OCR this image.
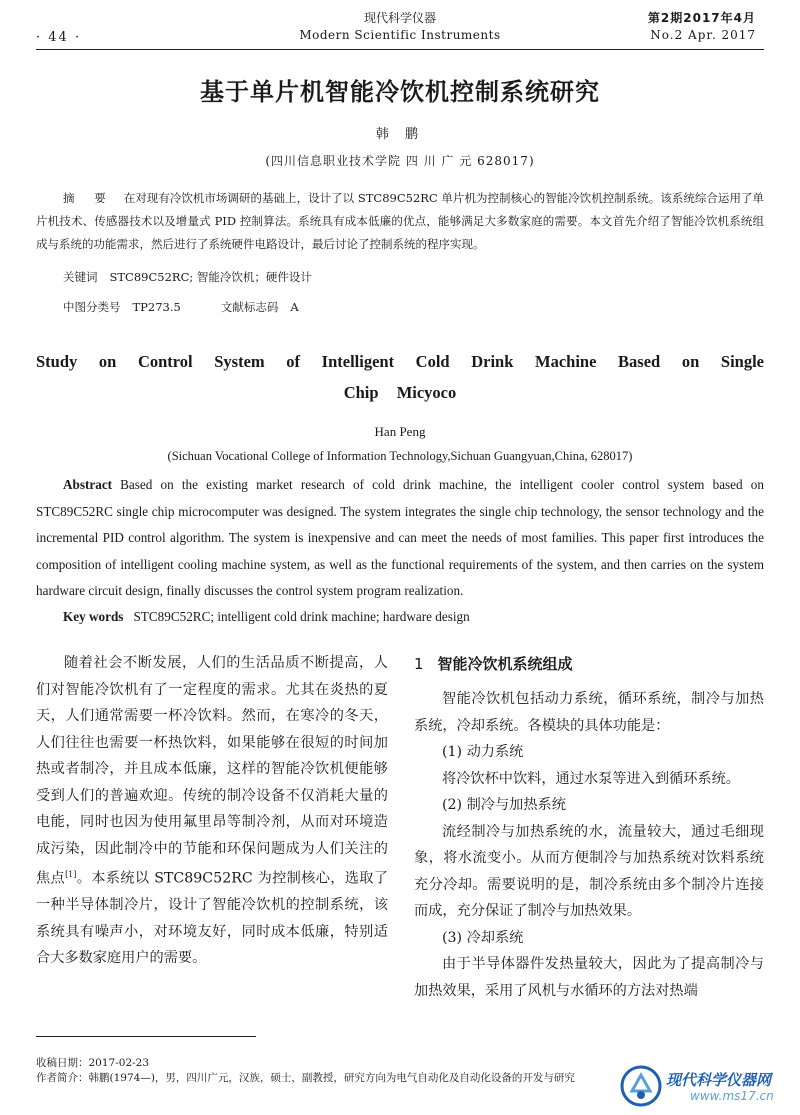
· 44 ·
现代科学仪器
Modern Scientific Instruments
第2期2017年4月
No.2 Apr. 2017
基于单片机智能冷饮机控制系统研究
韩 鹏
(四川信息职业技术学院 四 川 广 元 628017)
摘 要 在对现有冷饮机市场调研的基础上，设计了以 STC89C52RC 单片机为控制核心的智能冷饮机控制系统。该系统综合运用了单片机技术、传感器技术以及增量式 PID 控制算法。系统具有成本低廉的优点，能够满足大多数家庭的需要。本文首先介绍了智能冷饮机系统组成与系统的功能需求，然后进行了系统硬件电路设计，最后讨论了控制系统的程序实现。
关键词 STC89C52RC; 智能冷饮机；硬件设计
中图分类号 TP273.5	文献标志码 A
Study on Control System of Intelligent Cold Drink Machine Based on Single Chip Micyoco
Han Peng
(Sichuan Vocational College of Information Technology,Sichuan Guangyuan,China, 628017)
Abstract Based on the existing market research of cold drink machine, the intelligent cooler control system based on STC89C52RC single chip microcomputer was designed. The system integrates the single chip technology, the sensor technology and the incremental PID control algorithm. The system is inexpensive and can meet the needs of most families. This paper first introduces the composition of intelligent cooling machine system, as well as the functional requirements of the system, and then carries on the system hardware circuit design, finally discusses the control system program realization.
Key words STC89C52RC; intelligent cold drink machine; hardware design

随着社会不断发展，人们的生活品质不断提高，人们对智能冷饮机有了一定程度的需求。尤其在炎热的夏天，人们通常需要一杯冷饮料。然而，在寒冷的冬天，人们往往也需要一杯热饮料，如果能够在很短的时间加热或者制冷，并且成本低廉，这样的智能冷饮机便能够受到人们的普遍欢迎。传统的制冷设备不仅消耗大量的电能，同时也因为使用氟里昂等制冷剂，从而对环境造成污染，因此制冷中的节能和环保问题成为人们关注的焦点[1]。本系统以 STC89C52RC 为控制核心，选取了一种半导体制冷片，设计了智能冷饮机的控制系统，该系统具有噪声小，对环境友好，同时成本低廉，特别适合大多数家庭用户的需要。

1 智能冷饮机系统组成

智能冷饮机包括动力系统，循环系统，制冷与加热系统，冷却系统。各模块的具体功能是：

(1) 动力系统

将冷饮杯中饮料，通过水泵等进入到循环系统。

(2) 制冷与加热系统

流经制冷与加热系统的水，流量较大，通过毛细现象，将水流变小。从而方便制冷与加热系统对饮料系统充分冷却。需要说明的是，制冷系统由多个制冷片连接而成，充分保证了制冷与加热效果。

(3) 冷却系统

由于半导体器件发热量较大，因此为了提高制冷与加热效果，采用了风机与水循环的方法对热端

收稿日期：2017-02-23
作者简介：韩鹏(1974—)，男，四川广元，汉族，硕士，副教授，研究方向为电气自动化及自动化设备的开发与研究	现代科学仪器网
www.ms17.cn
